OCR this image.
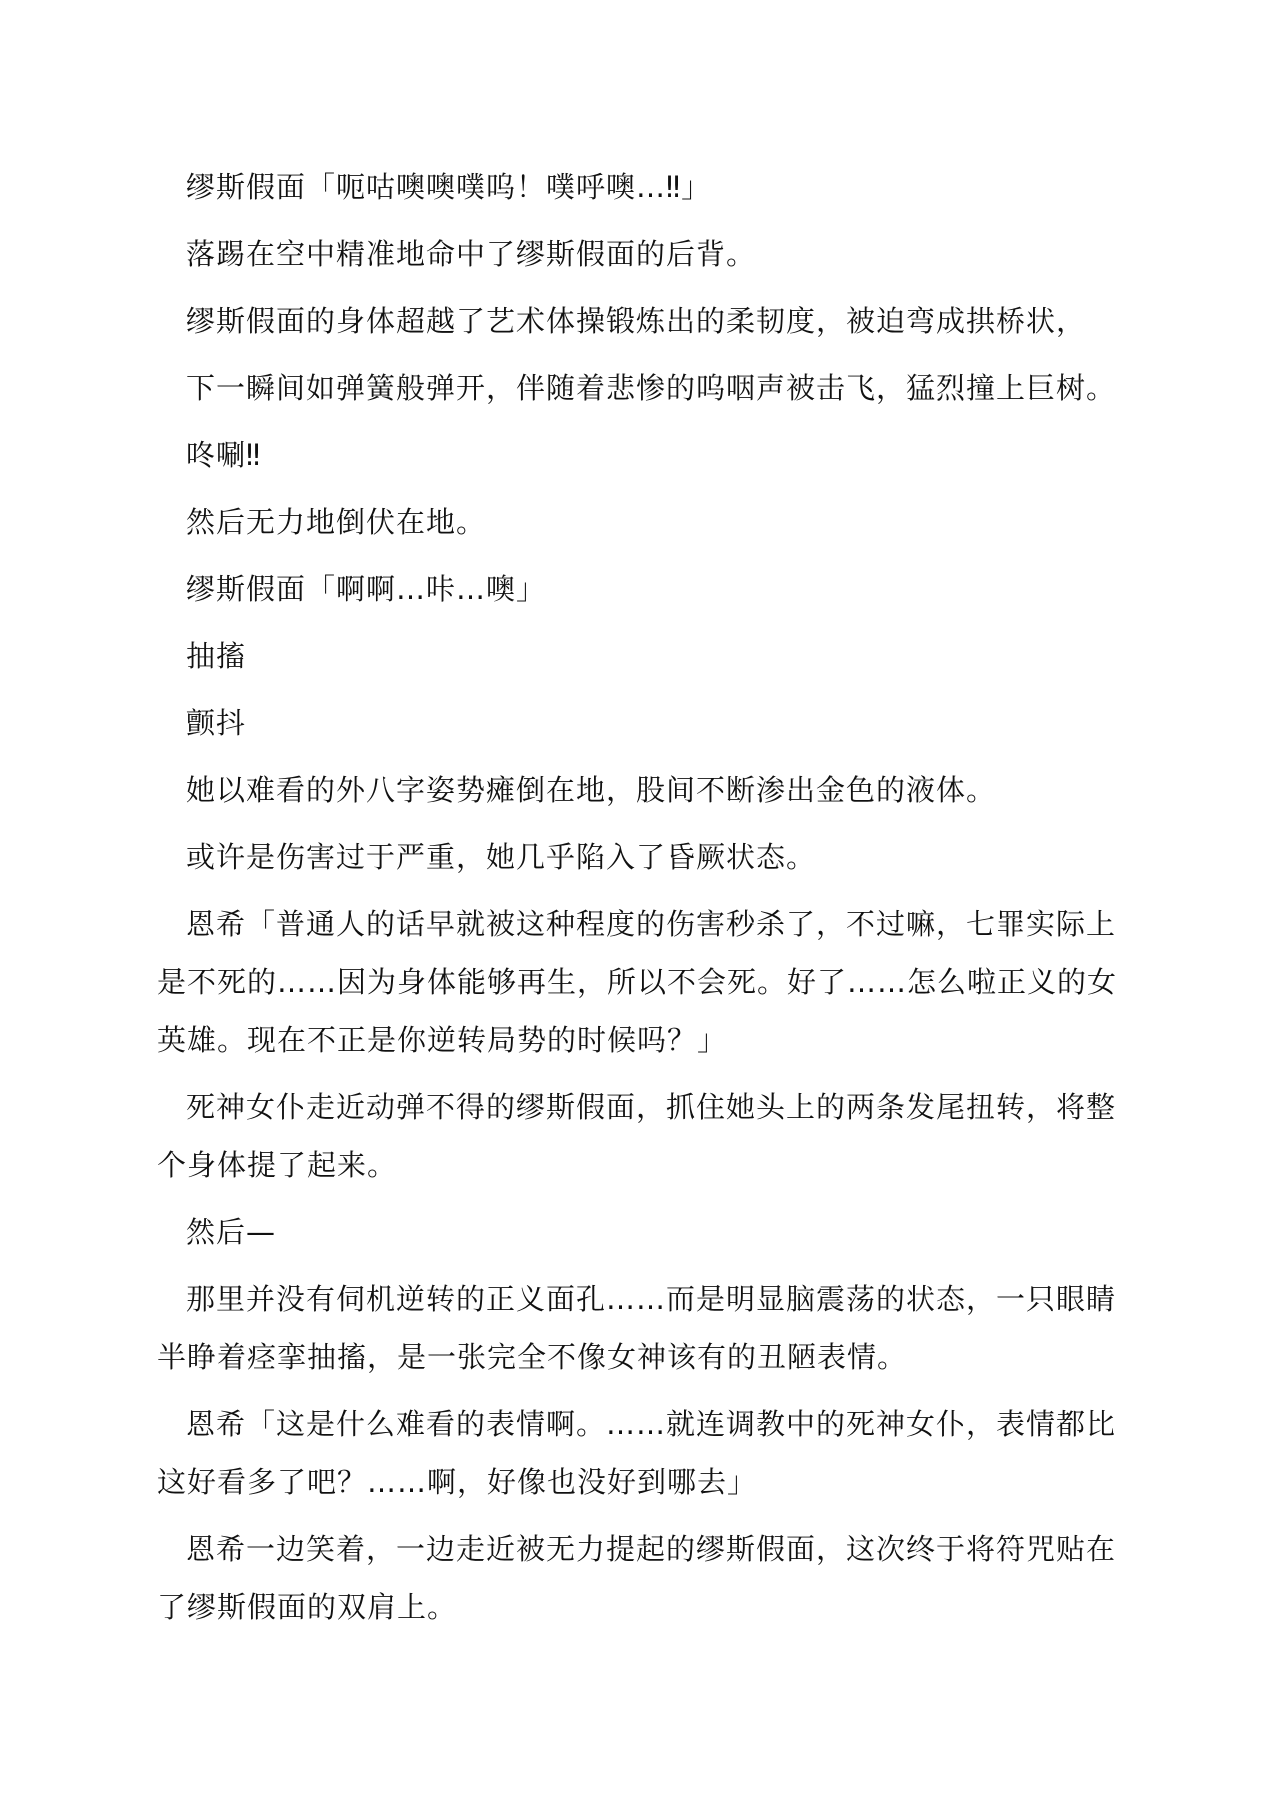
缪斯假面「呃咕噢噢噗呜！噗呼噢…‼」
落踢在空中精准地命中了缪斯假面的后背。
缪斯假面的身体超越了艺术体操锻炼出的柔韧度，被迫弯成拱桥状，
下一瞬间如弹簧般弹开，伴随着悲惨的呜咽声被击飞，猛烈撞上巨树。
咚唰‼
然后无力地倒伏在地。
缪斯假面「啊啊…咔…噢」
抽搐
颤抖
她以难看的外八字姿势瘫倒在地，股间不断渗出金色的液体。
或许是伤害过于严重，她几乎陷入了昏厥状态。
恩希「普通人的话早就被这种程度的伤害秒杀了，不过嘛，七罪实际上
是不死的……因为身体能够再生，所以不会死。好了……怎么啦正义的女
英雄。现在不正是你逆转局势的时候吗？」
死神女仆走近动弹不得的缪斯假面，抓住她头上的两条发尾扭转，将整
个身体提了起来。
然后—
那里并没有伺机逆转的正义面孔……而是明显脑震荡的状态，一只眼睛
半睁着痉挛抽搐，是一张完全不像女神该有的丑陋表情。
恩希「这是什么难看的表情啊。……就连调教中的死神女仆，表情都比
这好看多了吧？……啊，好像也没好到哪去」
恩希一边笑着，一边走近被无力提起的缪斯假面，这次终于将符咒贴在
了缪斯假面的双肩上。
